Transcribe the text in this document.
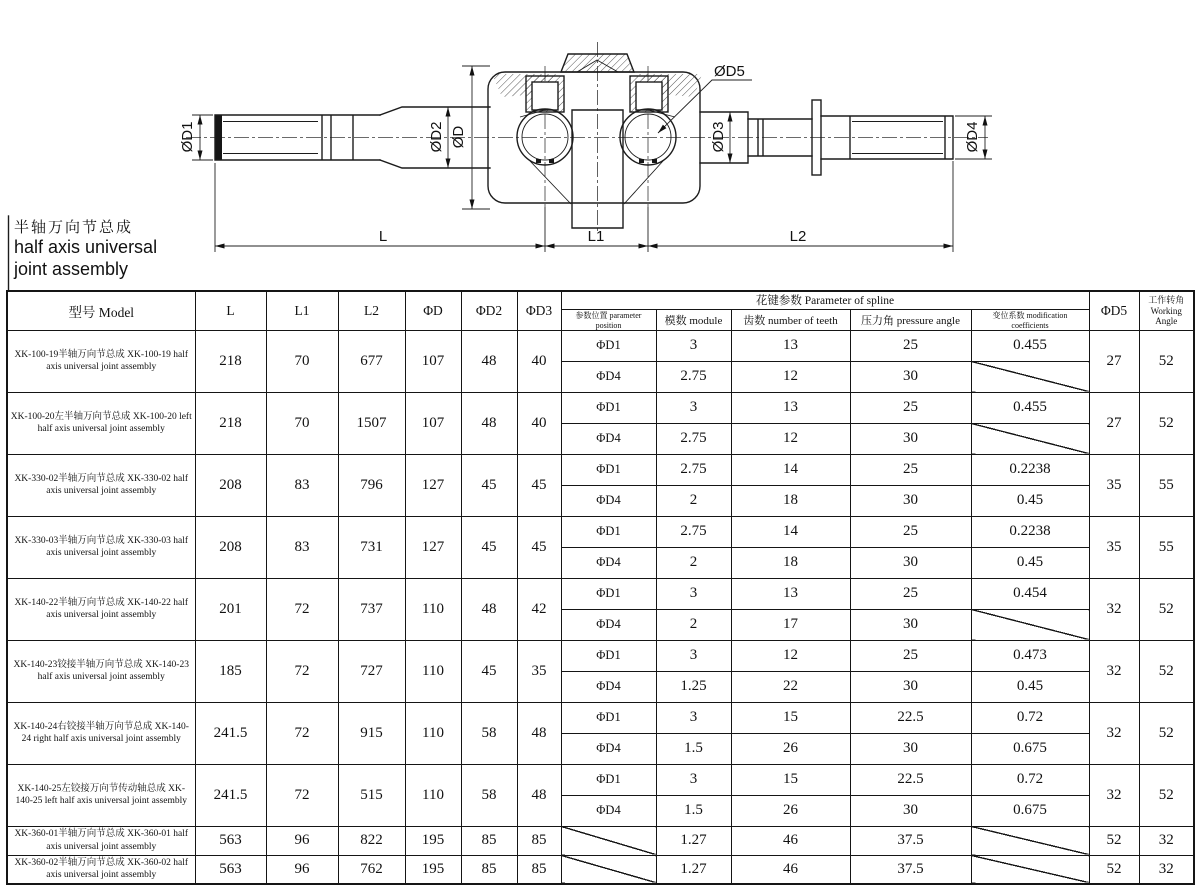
ØD1	ØD2 ØD	ØD3	ØD4
ØD5
L	L1	L2
半轴万向节总成
half axis universal
joint assembly
型号 Model	L	L1	L2	ΦD	ΦD2	ΦD3	花键参数 Parameter of spline					ΦD5	工作转角
Working Angle

							参数位置 parameter position	模数 module	齿数 number of teeth	压力角 pressure angle	变位系数 modification coefficients		
XK-100-19半轴万向节总成 XK-100-19 half axis universal joint assembly	218	70	677	107	48	40	ΦD1	3	13	25	0.455	27	52
							ΦD4	2.75	12	30			
XK-100-20左半轴万向节总成 XK-100-20 left half axis universal joint assembly	218	70	1507	107	48	40	ΦD1	3	13	25	0.455	27	52
							ΦD4	2.75	12	30			
XK-330-02半轴万向节总成 XK-330-02 half axis universal joint assembly	208	83	796	127	45	45	ΦD1	2.75	14	25	0.2238	35	55
							ΦD4	2	18	30	0.45		
XK-330-03半轴万向节总成 XK-330-03 half axis universal joint assembly	208	83	731	127	45	45	ΦD1	2.75	14	25	0.2238	35	55
							ΦD4	2	18	30	0.45		
XK-140-22半轴万向节总成 XK-140-22 half axis universal joint assembly	201	72	737	110	48	42	ΦD1	3	13	25	0.454	32	52
							ΦD4	2	17	30			
XK-140-23铰接半轴万向节总成 XK-140-23 half axis universal joint assembly	185	72	727	110	45	35	ΦD1	3	12	25	0.473	32	52
							ΦD4	1.25	22	30	0.45		
XK-140-24右铰接半轴万向节总成 XK-140-24 right half axis universal joint assembly	241.5	72	915	110	58	48	ΦD1	3	15	22.5	0.72	32	52
							ΦD4	1.5	26	30	0.675		
XK-140-25左铰接万向节传动轴总成 XK-140-25 left half axis universal joint assembly	241.5	72	515	110	58	48	ΦD1	3	15	22.5	0.72	32	52
							ΦD4	1.5	26	30	0.675		
XK-360-01半轴万向节总成 XK-360-01 half axis universal joint assembly	563	96	822	195	85	85		1.27	46	37.5		52	32
XK-360-02半轴万向节总成 XK-360-02 half axis universal joint assembly	563	96	762	195	85	85		1.27	46	37.5		52	32
